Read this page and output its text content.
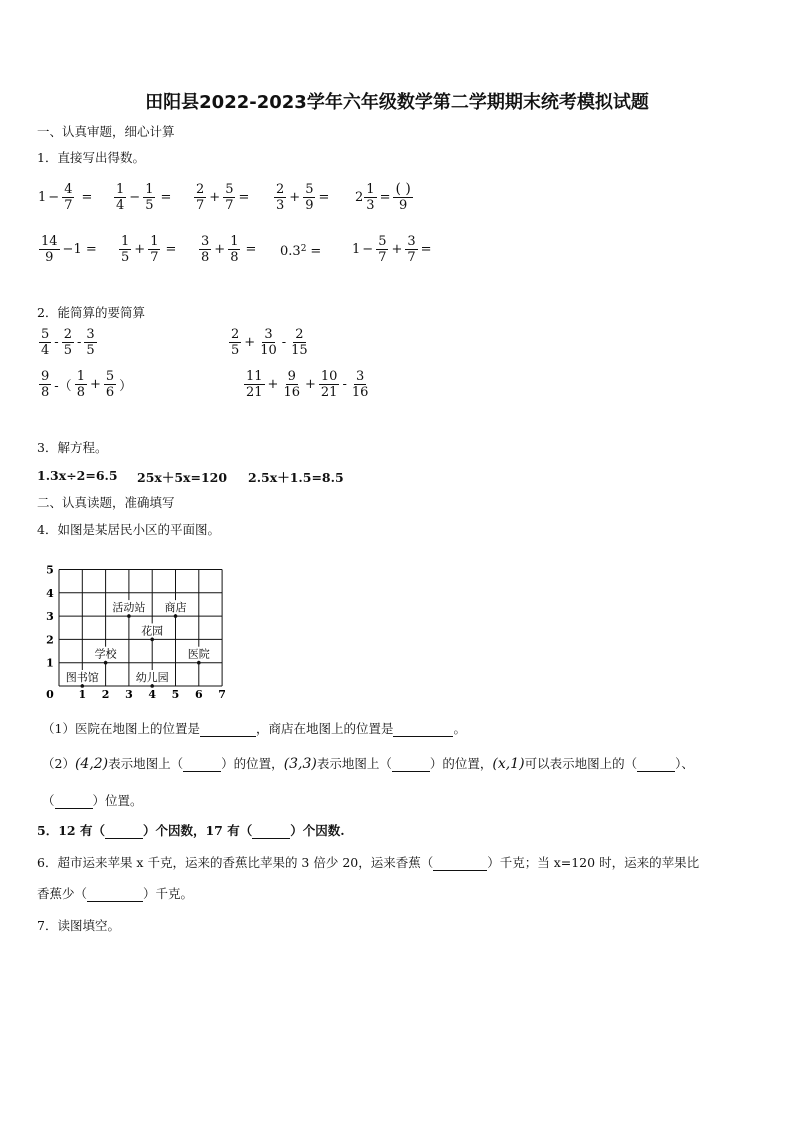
田阳县2022-2023学年六年级数学第二学期期末统考模拟试题
一、认真审题，细心计算
1．直接写出得数。
$1 - \frac{4}{7} = \frac{1}{4} - \frac{1}{5} = \frac{2}{7} + \frac{5}{7} = \frac{2}{3} + \frac{5}{9} = 2 \frac{1}{3} = \frac{( )}{9}$
$\frac{14}{9} -1 = \frac{1}{5} + \frac{1}{7} = \frac{3}{8} + \frac{1}{8} = 0.3^2 = 1 - \frac{5}{7} + \frac{3}{7}$ =
2．能简算的要简算
$\frac{5}{4} - \frac{2}{5} - \frac{3}{5}$	$\frac{2}{5} + \frac{3}{10} - \frac{2}{15}$
$\frac{9}{8}$ -（ $\frac{1}{8} + \frac{5}{6}$ ）	$\frac{11}{21} + \frac{9}{16} + \frac{10}{21} - \frac{3}{16}$
3．解方程。
1.3x÷2=6.5 25x＋5x=120 2.5x＋1.5=8.5
二、认真读题，准确填写
4．如图是某居民小区的平面图。
0 1 2 3 4 5 6 7
1
2
3
4
5
活动站 商店
花园
学校	医院
图书馆	幼儿园
（1）医院在地图上的位置是	，商店在地图上的位置是	。
（2）(4,2)表示地图上（	）的位置，(3,3)表示地图上（	）的位置，(x,1)可以表示地图上的（	）、
（	）位置。
5．12 有（	）个因数，17 有（	）个因数.
6．超市运来苹果 x 千克，运来的香蕉比苹果的 3 倍少 20，运来香蕉（	）千克；当 x=120 时，运来的苹果比
香蕉少（	）千克。
7．读图填空。
